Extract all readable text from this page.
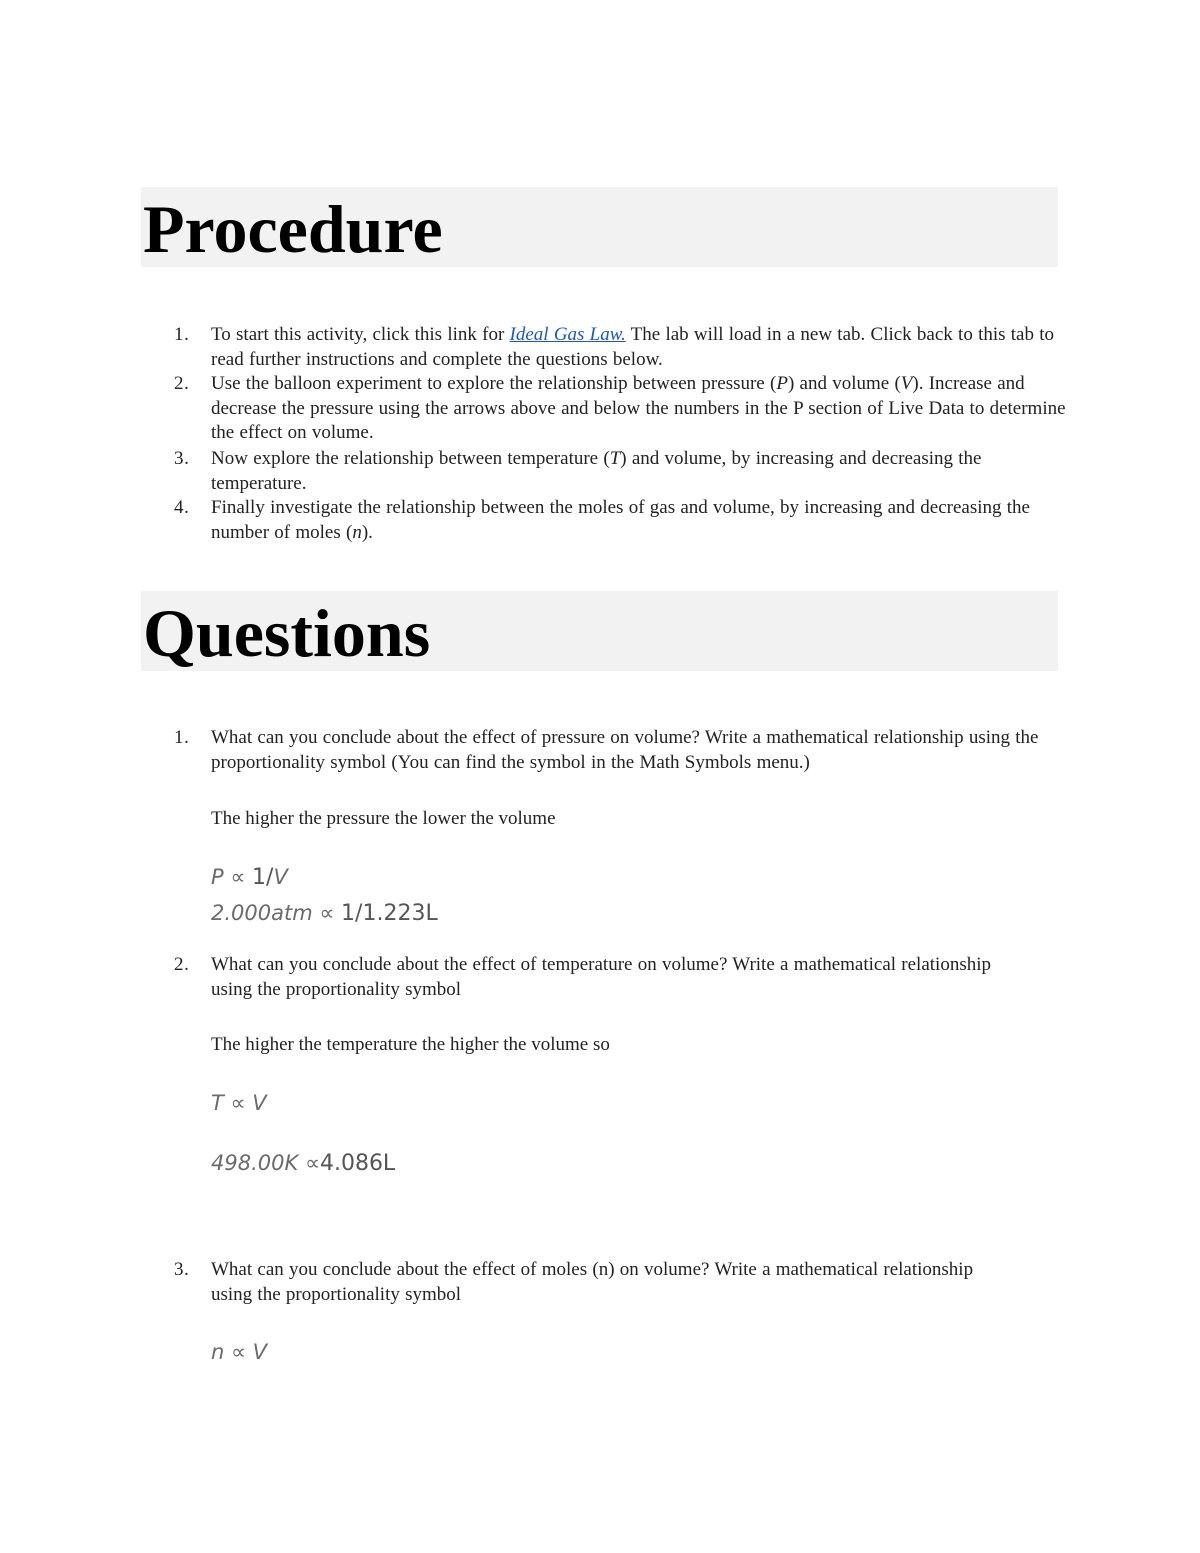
Procedure
1.	To start this activity, click this link for Ideal Gas Law. The lab will load in a new tab. Click back to this tab to read further instructions and complete the questions below.
2.	Use the balloon experiment to explore the relationship between pressure (P) and volume (V). Increase and decrease the pressure using the arrows above and below the numbers in the P section of Live Data to determine the effect on volume.
3.	Now explore the relationship between temperature (T) and volume, by increasing and decreasing the temperature.
4.	Finally investigate the relationship between the moles of gas and volume, by increasing and decreasing the number of moles (n).
Questions
1.	What can you conclude about the effect of pressure on volume? Write a mathematical relationship using the proportionality symbol (You can find the symbol in the Math Symbols menu.)
The higher the pressure the lower the volume
P ∝ 1/V
2.000atm ∝ 1/1.223L
2.	What can you conclude about the effect of temperature on volume? Write a mathematical relationship using the proportionality symbol
The higher the temperature the higher the volume so
T ∝ V
498.00K ∝4.086L
3.	What can you conclude about the effect of moles (n) on volume? Write a mathematical relationship using the proportionality symbol
n ∝ V
